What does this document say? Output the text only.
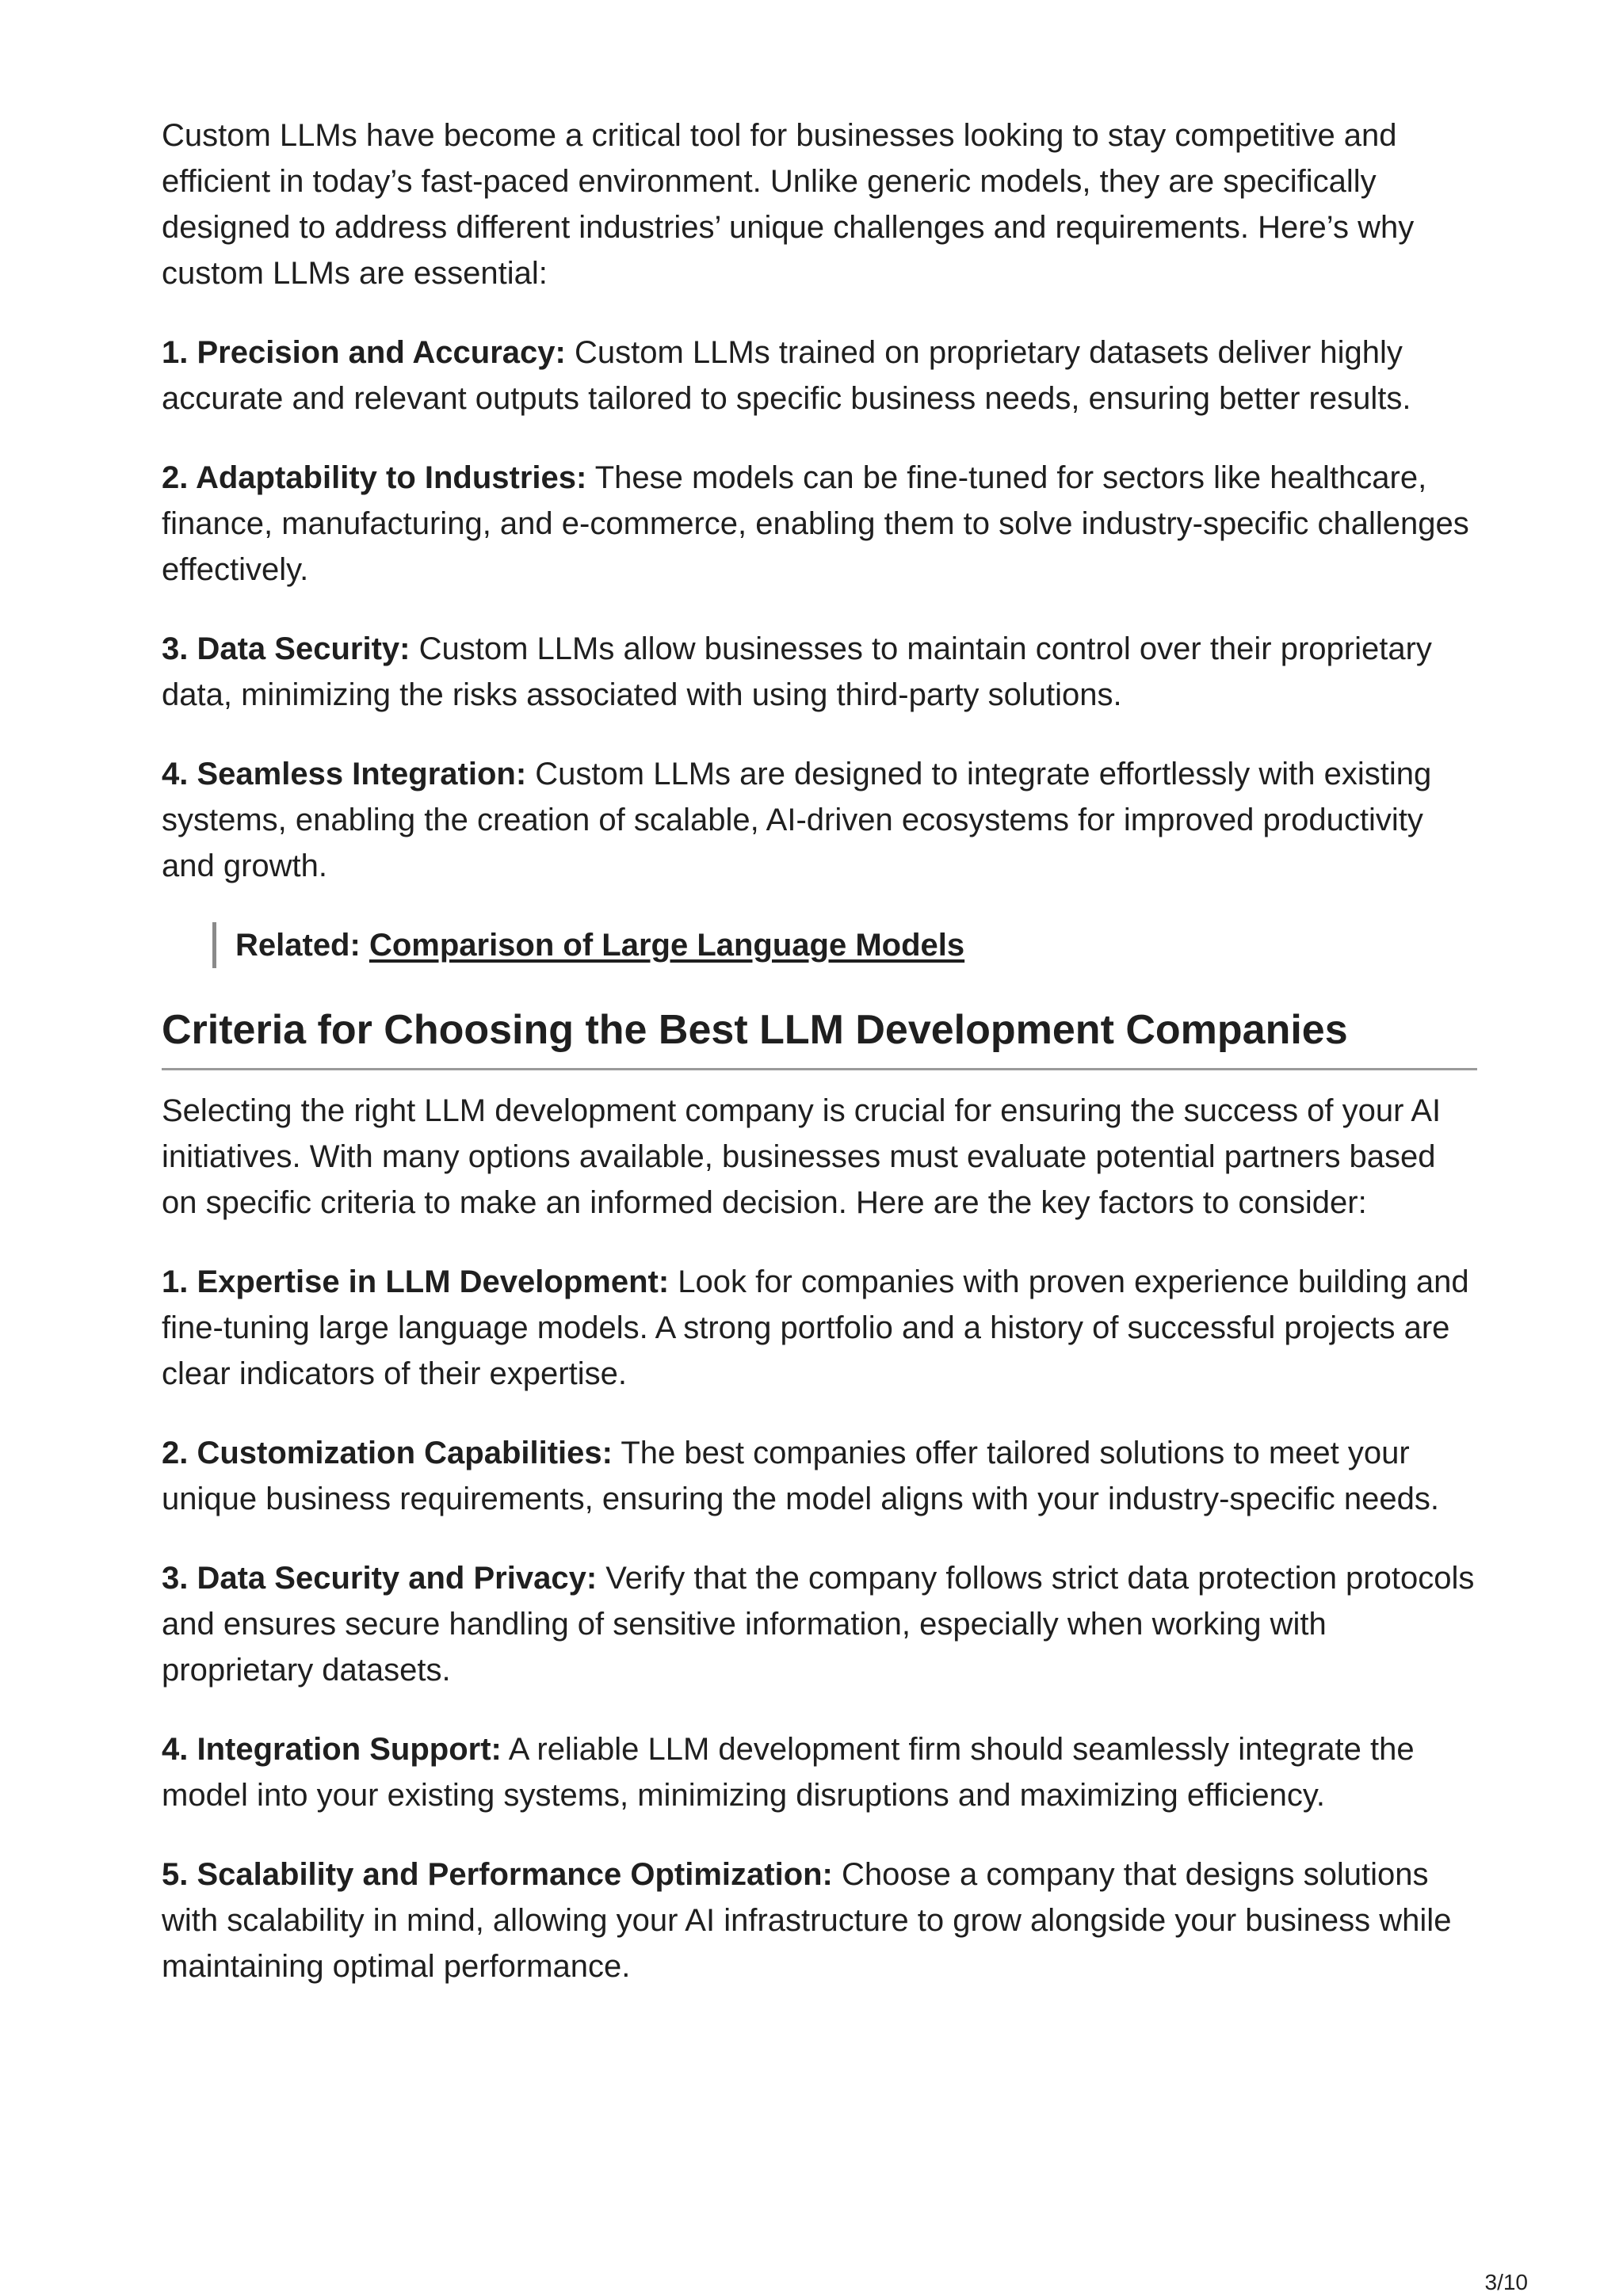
Custom LLMs have become a critical tool for businesses looking to stay competitive and efficient in today’s fast-paced environment. Unlike generic models, they are specifically designed to address different industries’ unique challenges and requirements. Here’s why custom LLMs are essential:

1. Precision and Accuracy: Custom LLMs trained on proprietary datasets deliver highly accurate and relevant outputs tailored to specific business needs, ensuring better results.

2. Adaptability to Industries: These models can be fine-tuned for sectors like healthcare, finance, manufacturing, and e-commerce, enabling them to solve industry-specific challenges effectively.

3. Data Security: Custom LLMs allow businesses to maintain control over their proprietary data, minimizing the risks associated with using third-party solutions.

4. Seamless Integration: Custom LLMs are designed to integrate effortlessly with existing systems, enabling the creation of scalable, AI-driven ecosystems for improved productivity and growth.

Related: Comparison of Large Language Models
Criteria for Choosing the Best LLM Development Companies

Selecting the right LLM development company is crucial for ensuring the success of your AI initiatives. With many options available, businesses must evaluate potential partners based on specific criteria to make an informed decision. Here are the key factors to consider:

1. Expertise in LLM Development: Look for companies with proven experience building and fine-tuning large language models. A strong portfolio and a history of successful projects are clear indicators of their expertise.

2. Customization Capabilities: The best companies offer tailored solutions to meet your unique business requirements, ensuring the model aligns with your industry-specific needs.

3. Data Security and Privacy: Verify that the company follows strict data protection protocols and ensures secure handling of sensitive information, especially when working with proprietary datasets.

4. Integration Support: A reliable LLM development firm should seamlessly integrate the model into your existing systems, minimizing disruptions and maximizing efficiency.

5. Scalability and Performance Optimization: Choose a company that designs solutions with scalability in mind, allowing your AI infrastructure to grow alongside your business while maintaining optimal performance.

3/10
